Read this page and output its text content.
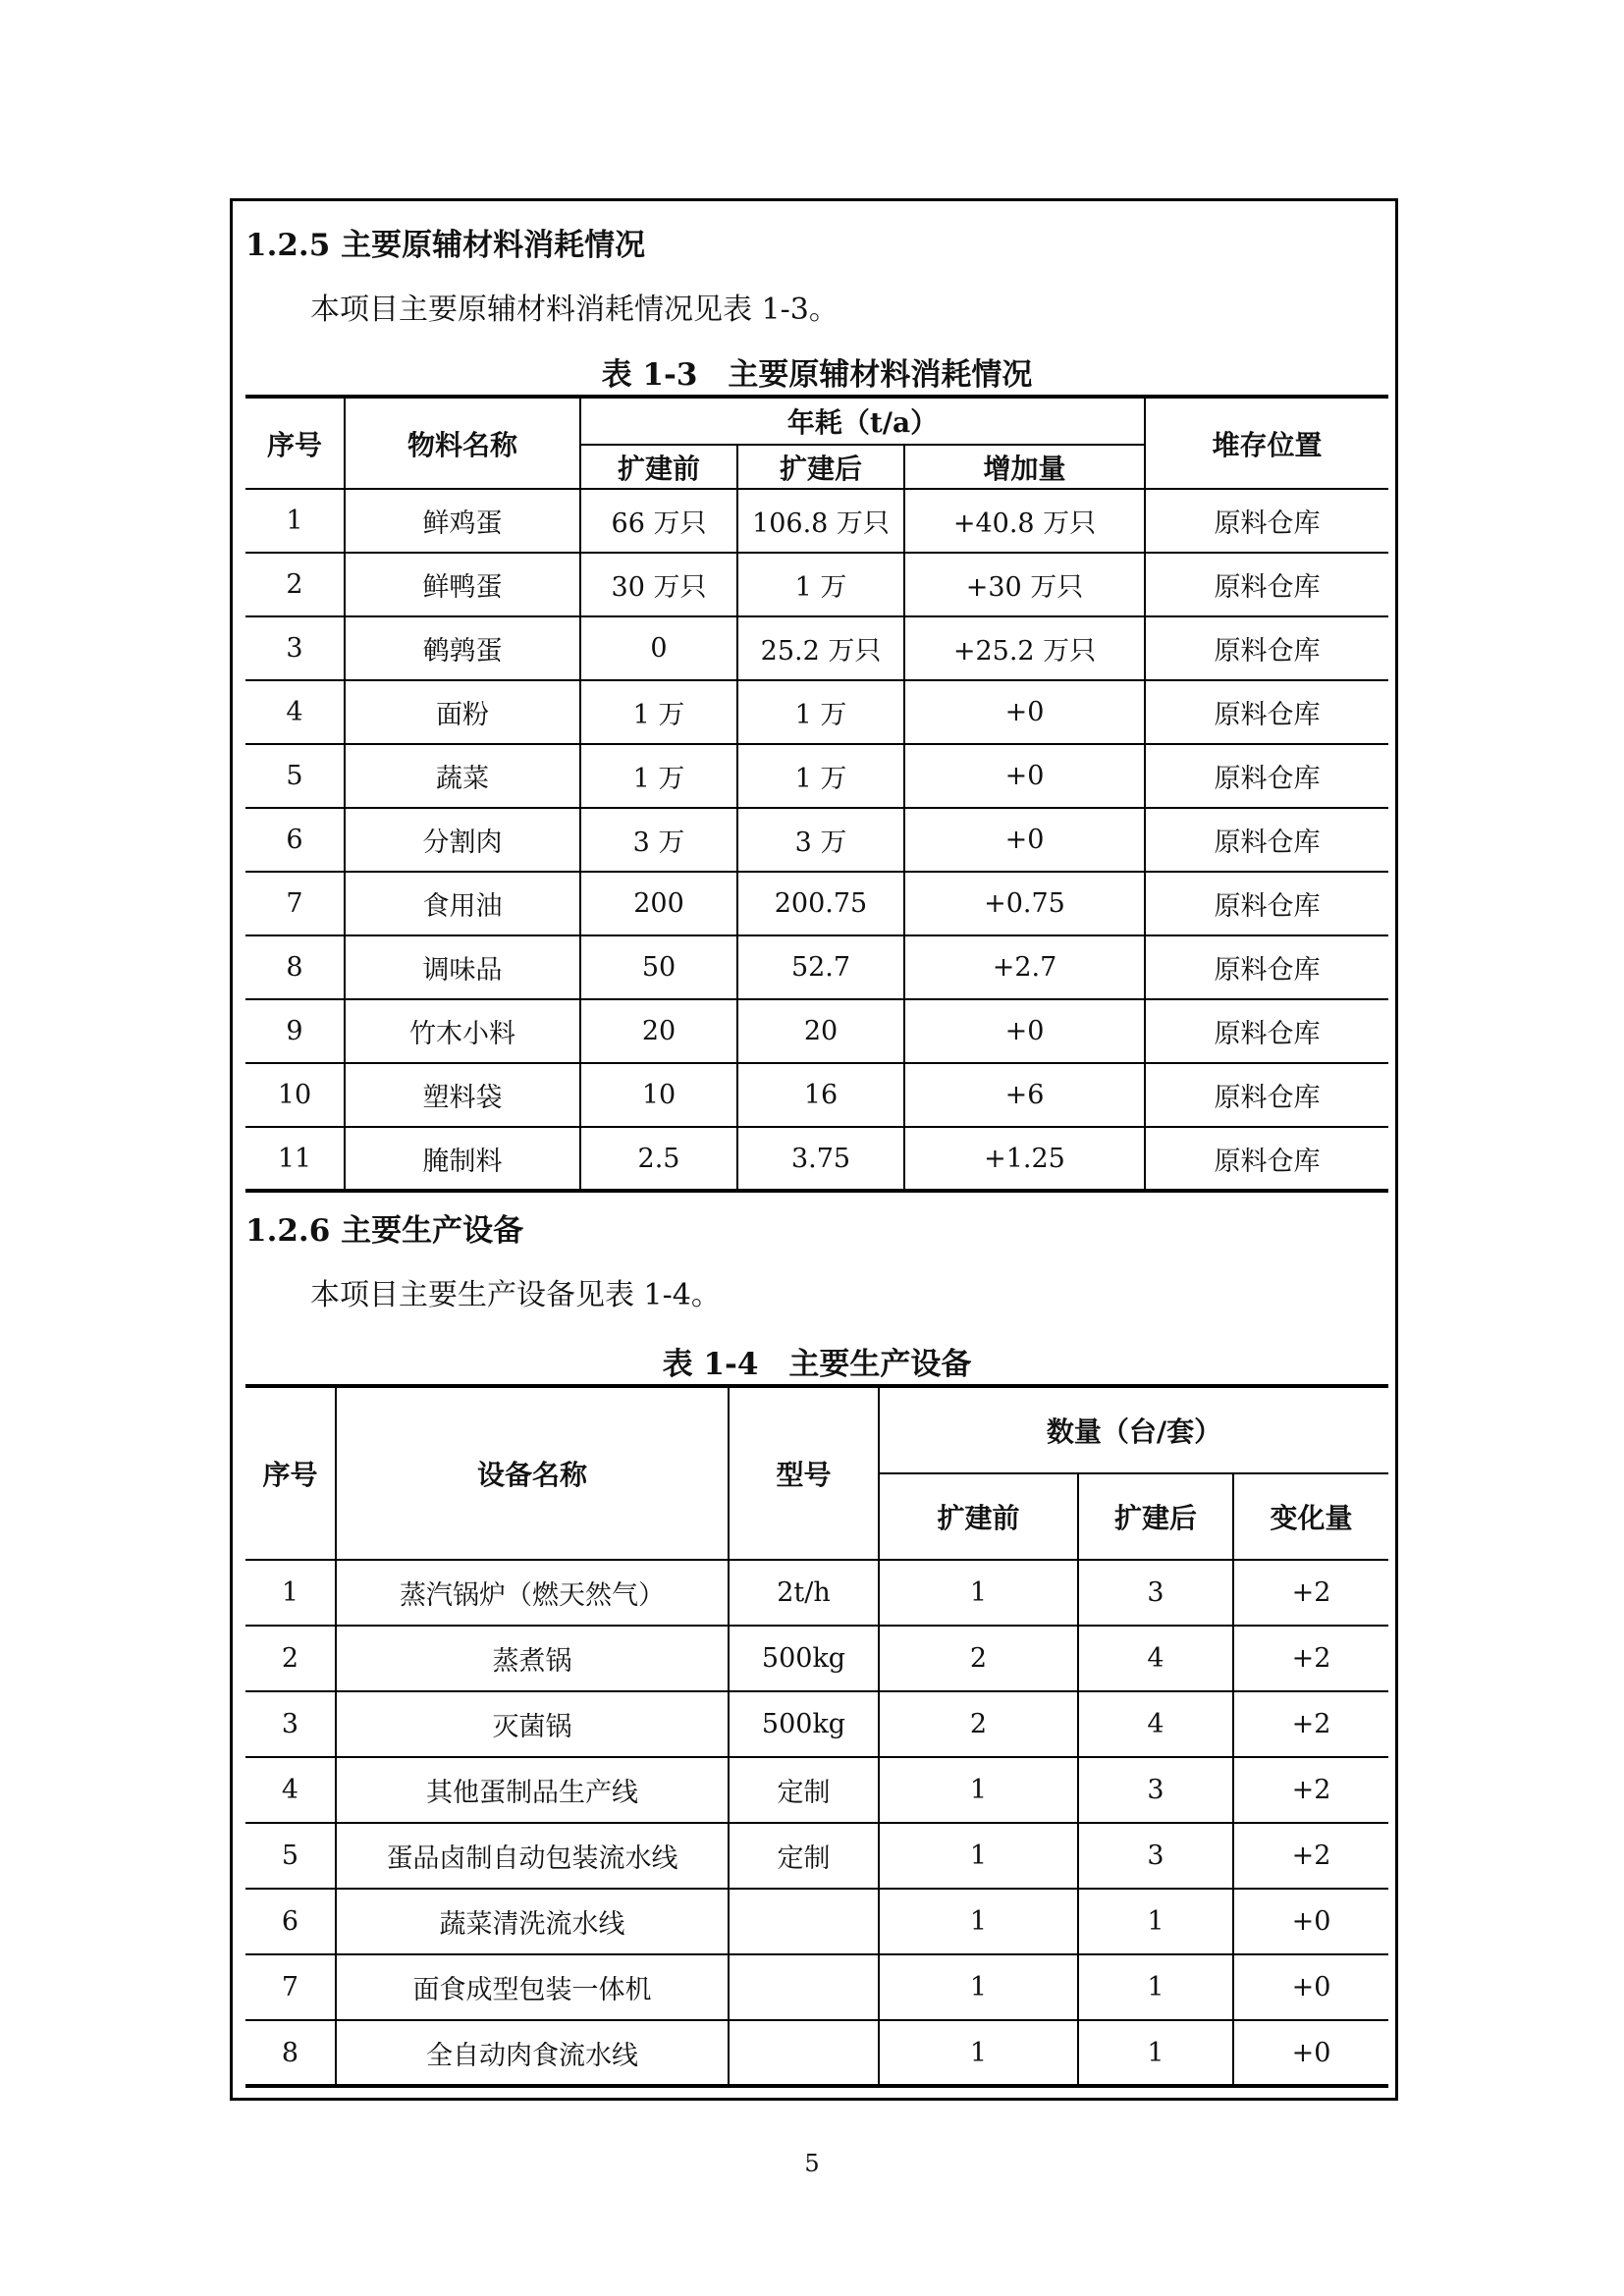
1.2.5 主要原辅材料消耗情况
本项目主要原辅材料消耗情况见表 1-3。
表 1-3　主要原辅材料消耗情况
序号	物料名称	年耗（t/a）			堆存位置
		扩建前	扩建后	增加量	
1	鲜鸡蛋	66 万只	106.8 万只	+40.8 万只	原料仓库
2	鲜鸭蛋	30 万只	1 万	+30 万只	原料仓库
3	鹌鹑蛋	0	25.2 万只	+25.2 万只	原料仓库
4	面粉	1 万	1 万	+0	原料仓库
5	蔬菜	1 万	1 万	+0	原料仓库
6	分割肉	3 万	3 万	+0	原料仓库
7	食用油	200	200.75	+0.75	原料仓库
8	调味品	50	52.7	+2.7	原料仓库
9	竹木小料	20	20	+0	原料仓库
10	塑料袋	10	16	+6	原料仓库
11	腌制料	2.5	3.75	+1.25	原料仓库
1.2.6 主要生产设备
本项目主要生产设备见表 1-4。
表 1-4　主要生产设备
序号	设备名称	型号	数量（台/套）		
			扩建前	扩建后	变化量
1	蒸汽锅炉（燃天然气）	2t/h	1	3	+2
2	蒸煮锅	500kg	2	4	+2
3	灭菌锅	500kg	2	4	+2
4	其他蛋制品生产线	定制	1	3	+2
5	蛋品卤制自动包装流水线	定制	1	3	+2
6	蔬菜清洗流水线		1	1	+0
7	面食成型包装一体机		1	1	+0
8	全自动肉食流水线		1	1	+0
5
